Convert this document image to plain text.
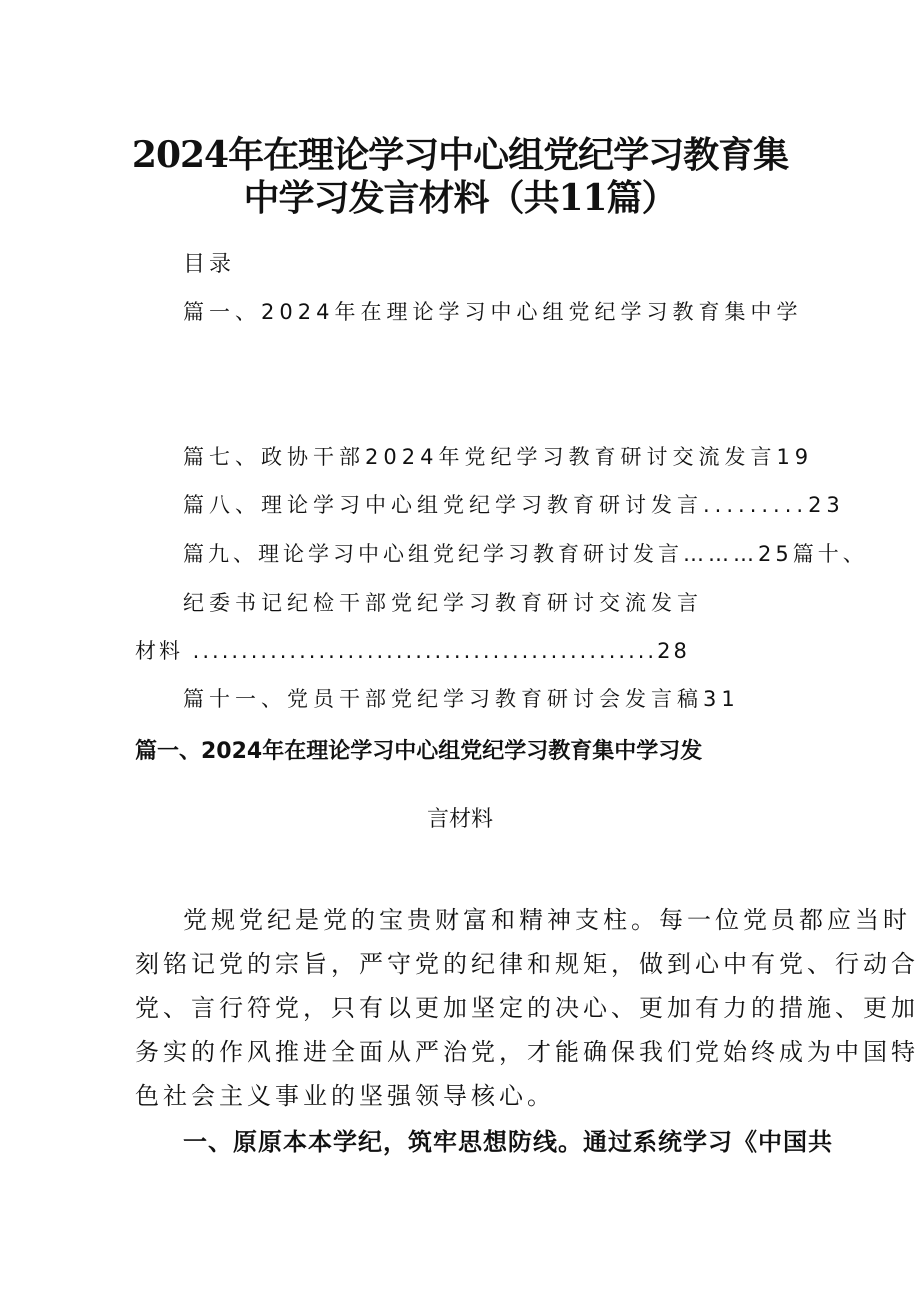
2024年在理论学习中心组党纪学习教育集
中学习发言材料（共11篇）
目录
篇一、2024年在理论学习中心组党纪学习教育集中学
篇七、政协干部2024年党纪学习教育研讨交流发言19
篇八、理论学习中心组党纪学习教育研讨发言.........23
篇九、理论学习中心组党纪学习教育研讨发言………25篇十、
纪委书记纪检干部党纪学习教育研讨交流发言
材料 ................................................28
篇十一、党员干部党纪学习教育研讨会发言稿31
篇一、2024年在理论学习中心组党纪学习教育集中学习发
言材料
党规党纪是党的宝贵财富和精神支柱。每一位党员都应当时
刻铭记党的宗旨，严守党的纪律和规矩，做到心中有党、行动合
党、言行符党，只有以更加坚定的决心、更加有力的措施、更加
务实的作风推进全面从严治党，才能确保我们党始终成为中国特
色社会主义事业的坚强领导核心。
一、原原本本学纪，筑牢思想防线。通过系统学习《中国共
